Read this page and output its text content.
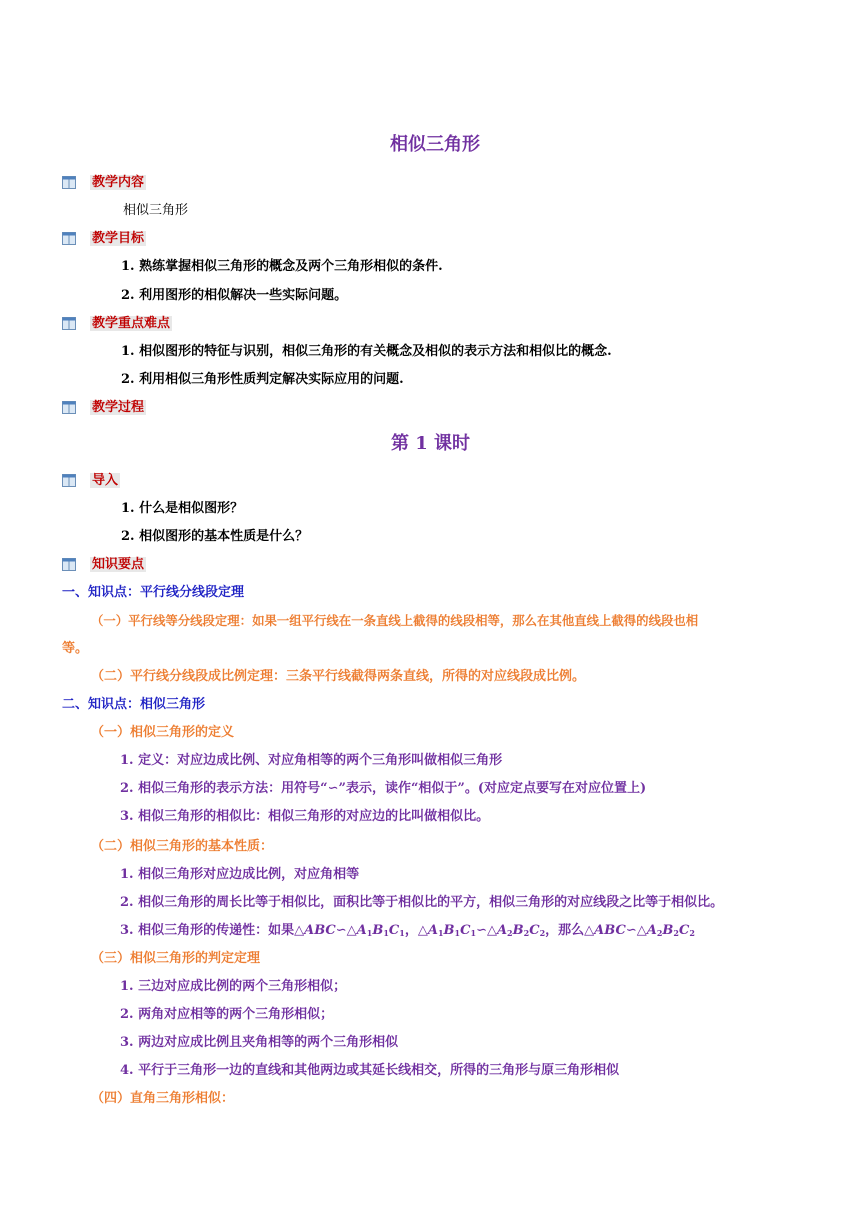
相似三角形
教学内容
相似三角形
教学目标
1. 熟练掌握相似三角形的概念及两个三角形相似的条件.
2. 利用图形的相似解决一些实际问题。
教学重点难点
1. 相似图形的特征与识别，相似三角形的有关概念及相似的表示方法和相似比的概念.
2. 利用相似三角形性质判定解决实际应用的问题.
教学过程
第 1 课时
导入
1. 什么是相似图形？
2. 相似图形的基本性质是什么？
知识要点
一、知识点：平行线分线段定理
（一）平行线等分线段定理：如果一组平行线在一条直线上截得的线段相等，那么在其他直线上截得的线段也相
等。
（二）平行线分线段成比例定理：三条平行线截得两条直线，所得的对应线段成比例。
二、知识点：相似三角形
（一）相似三角形的定义
1. 定义：对应边成比例、对应角相等的两个三角形叫做相似三角形
2. 相似三角形的表示方法：用符号“∽”表示，读作“相似于”。(对应定点要写在对应位置上)
3. 相似三角形的相似比：相似三角形的对应边的比叫做相似比。
（二）相似三角形的基本性质：
1. 相似三角形对应边成比例，对应角相等
2. 相似三角形的周长比等于相似比，面积比等于相似比的平方，相似三角形的对应线段之比等于相似比。
3. 相似三角形的传递性：如果$\triangle ABC∽\triangle A_1B_1C_1$，$\triangle A_1B_1C_1∽\triangle A_2B_2C_2$，那么$\triangle ABC∽\triangle A_2B_2C_2$
（三）相似三角形的判定定理
1. 三边对应成比例的两个三角形相似；
2. 两角对应相等的两个三角形相似；
3. 两边对应成比例且夹角相等的两个三角形相似
4. 平行于三角形一边的直线和其他两边或其延长线相交，所得的三角形与原三角形相似
（四）直角三角形相似：
